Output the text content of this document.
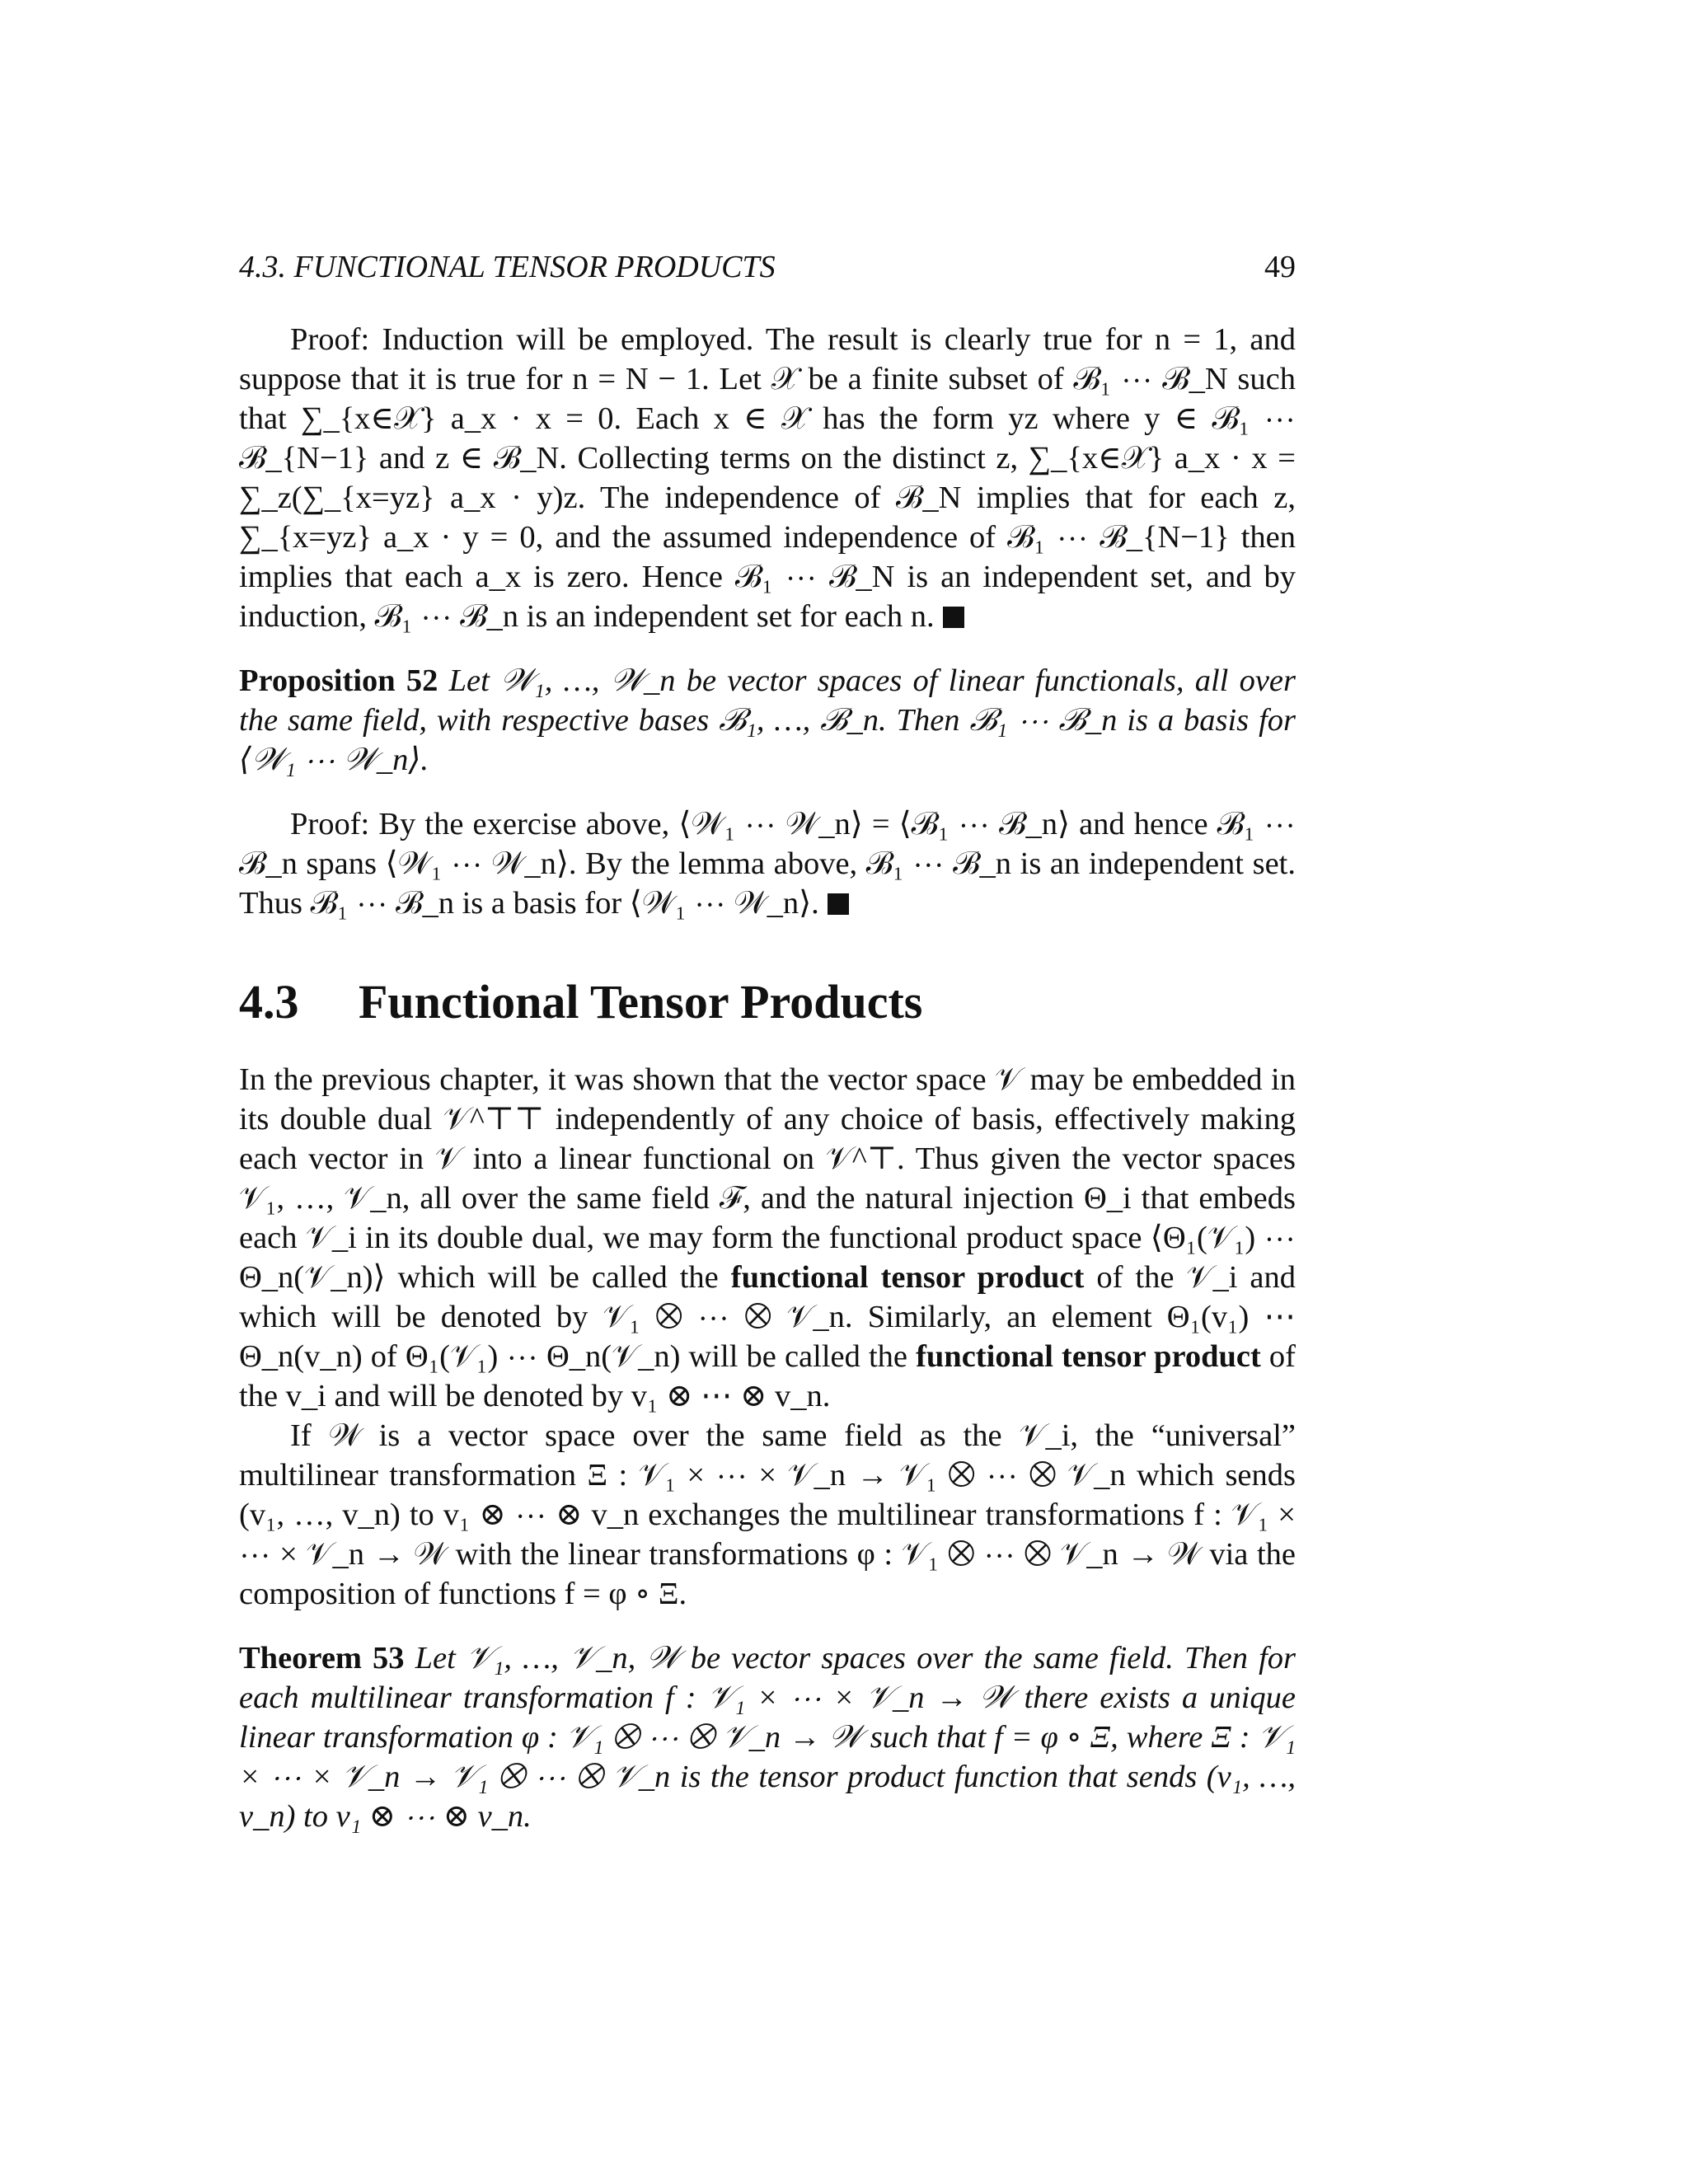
4.3. FUNCTIONAL TENSOR PRODUCTS	49

Proof: Induction will be employed. The result is clearly true for n = 1, and suppose that it is true for n = N − 1. Let 𝒳 be a finite subset of ℬ₁ ⋯ ℬ_N such that ∑_{x∈𝒳} a_x · x = 0. Each x ∈ 𝒳 has the form yz where y ∈ ℬ₁ ⋯ ℬ_{N−1} and z ∈ ℬ_N. Collecting terms on the distinct z, ∑_{x∈𝒳} a_x · x = ∑_z(∑_{x=yz} a_x · y)z. The independence of ℬ_N implies that for each z, ∑_{x=yz} a_x · y = 0, and the assumed independence of ℬ₁ ⋯ ℬ_{N−1} then implies that each a_x is zero. Hence ℬ₁ ⋯ ℬ_N is an independent set, and by induction, ℬ₁ ⋯ ℬ_n is an independent set for each n.

Proposition 52 Let 𝒲₁, …, 𝒲_n be vector spaces of linear functionals, all over the same field, with respective bases ℬ₁, …, ℬ_n. Then ℬ₁ ⋯ ℬ_n is a basis for ⟨𝒲₁ ⋯ 𝒲_n⟩.

Proof: By the exercise above, ⟨𝒲₁ ⋯ 𝒲_n⟩ = ⟨ℬ₁ ⋯ ℬ_n⟩ and hence ℬ₁ ⋯ ℬ_n spans ⟨𝒲₁ ⋯ 𝒲_n⟩. By the lemma above, ℬ₁ ⋯ ℬ_n is an independent set. Thus ℬ₁ ⋯ ℬ_n is a basis for ⟨𝒲₁ ⋯ 𝒲_n⟩.

4.3 Functional Tensor Products

In the previous chapter, it was shown that the vector space 𝒱 may be embedded in its double dual 𝒱^⊤⊤ independently of any choice of basis, effectively making each vector in 𝒱 into a linear functional on 𝒱^⊤. Thus given the vector spaces 𝒱₁, …, 𝒱_n, all over the same field ℱ, and the natural injection Θ_i that embeds each 𝒱_i in its double dual, we may form the functional product space ⟨Θ₁(𝒱₁) ⋯ Θ_n(𝒱_n)⟩ which will be called the functional tensor product of the 𝒱_i and which will be denoted by 𝒱₁ ⨂ ⋯ ⨂ 𝒱_n. Similarly, an element Θ₁(v₁) ⋯ Θ_n(v_n) of Θ₁(𝒱₁) ⋯ Θ_n(𝒱_n) will be called the functional tensor product of the v_i and will be denoted by v₁ ⊗ ⋯ ⊗ v_n.

If 𝒲 is a vector space over the same field as the 𝒱_i, the “universal” multilinear transformation Ξ : 𝒱₁ × ⋯ × 𝒱_n → 𝒱₁ ⨂ ⋯ ⨂ 𝒱_n which sends (v₁, …, v_n) to v₁ ⊗ ⋯ ⊗ v_n exchanges the multilinear transformations f : 𝒱₁ × ⋯ × 𝒱_n → 𝒲 with the linear transformations φ : 𝒱₁ ⨂ ⋯ ⨂ 𝒱_n → 𝒲 via the composition of functions f = φ ∘ Ξ.

Theorem 53 Let 𝒱₁, …, 𝒱_n, 𝒲 be vector spaces over the same field. Then for each multilinear transformation f : 𝒱₁ × ⋯ × 𝒱_n → 𝒲 there exists a unique linear transformation φ : 𝒱₁ ⨂ ⋯ ⨂ 𝒱_n → 𝒲 such that f = φ ∘ Ξ, where Ξ : 𝒱₁ × ⋯ × 𝒱_n → 𝒱₁ ⨂ ⋯ ⨂ 𝒱_n is the tensor product function that sends (v₁, …, v_n) to v₁ ⊗ ⋯ ⊗ v_n.
